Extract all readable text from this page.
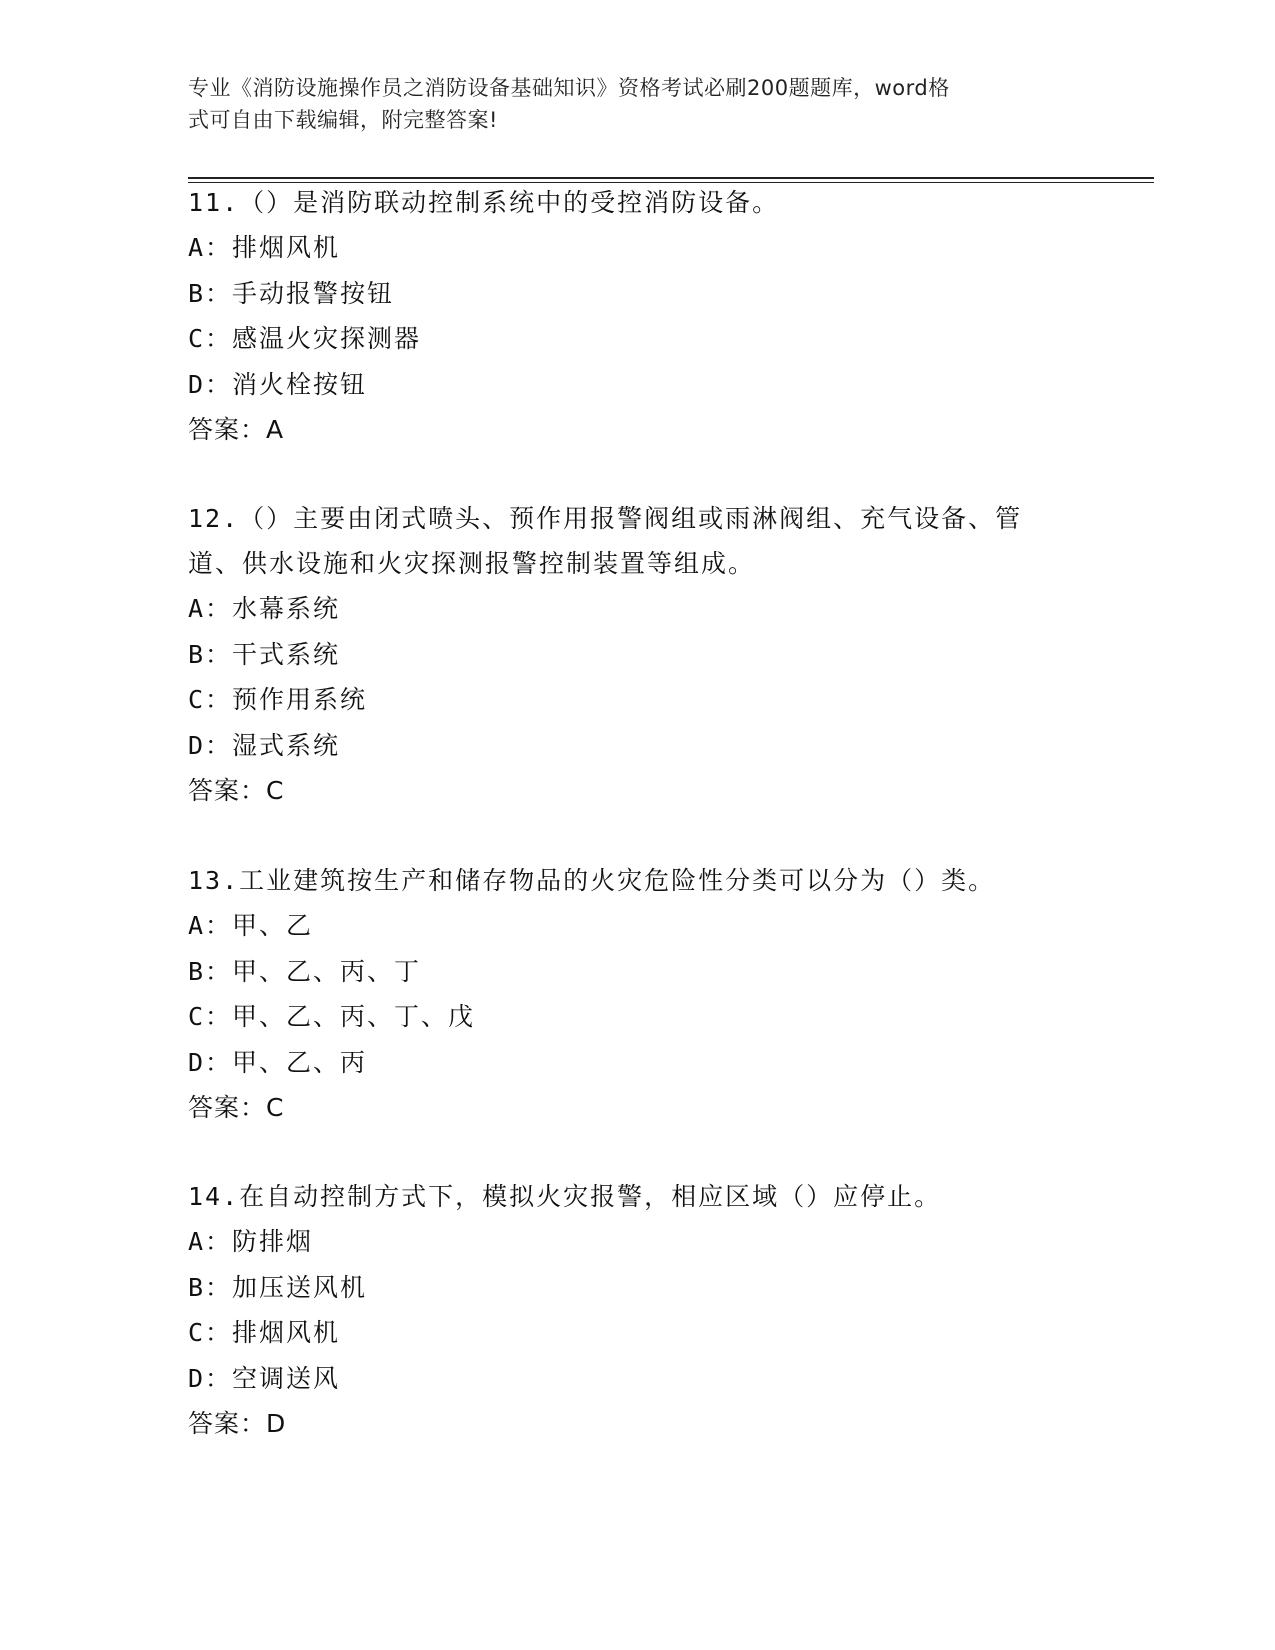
专业《消防设施操作员之消防设备基础知识》资格考试必刷200题题库，word格
式可自由下载编辑，附完整答案!
11.（）是消防联动控制系统中的受控消防设备。
A：排烟风机
B：手动报警按钮
C：感温火灾探测器
D：消火栓按钮
答案：A
12.（）主要由闭式喷头、预作用报警阀组或雨淋阀组、充气设备、管
道、供水设施和火灾探测报警控制装置等组成。
A：水幕系统
B：干式系统
C：预作用系统
D：湿式系统
答案：C
13.工业建筑按生产和储存物品的火灾危险性分类可以分为（）类。
A：甲、乙
B：甲、乙、丙、丁
C：甲、乙、丙、丁、戊
D：甲、乙、丙
答案：C
14.在自动控制方式下，模拟火灾报警，相应区域（）应停止。
A：防排烟
B：加压送风机
C：排烟风机
D：空调送风
答案：D
